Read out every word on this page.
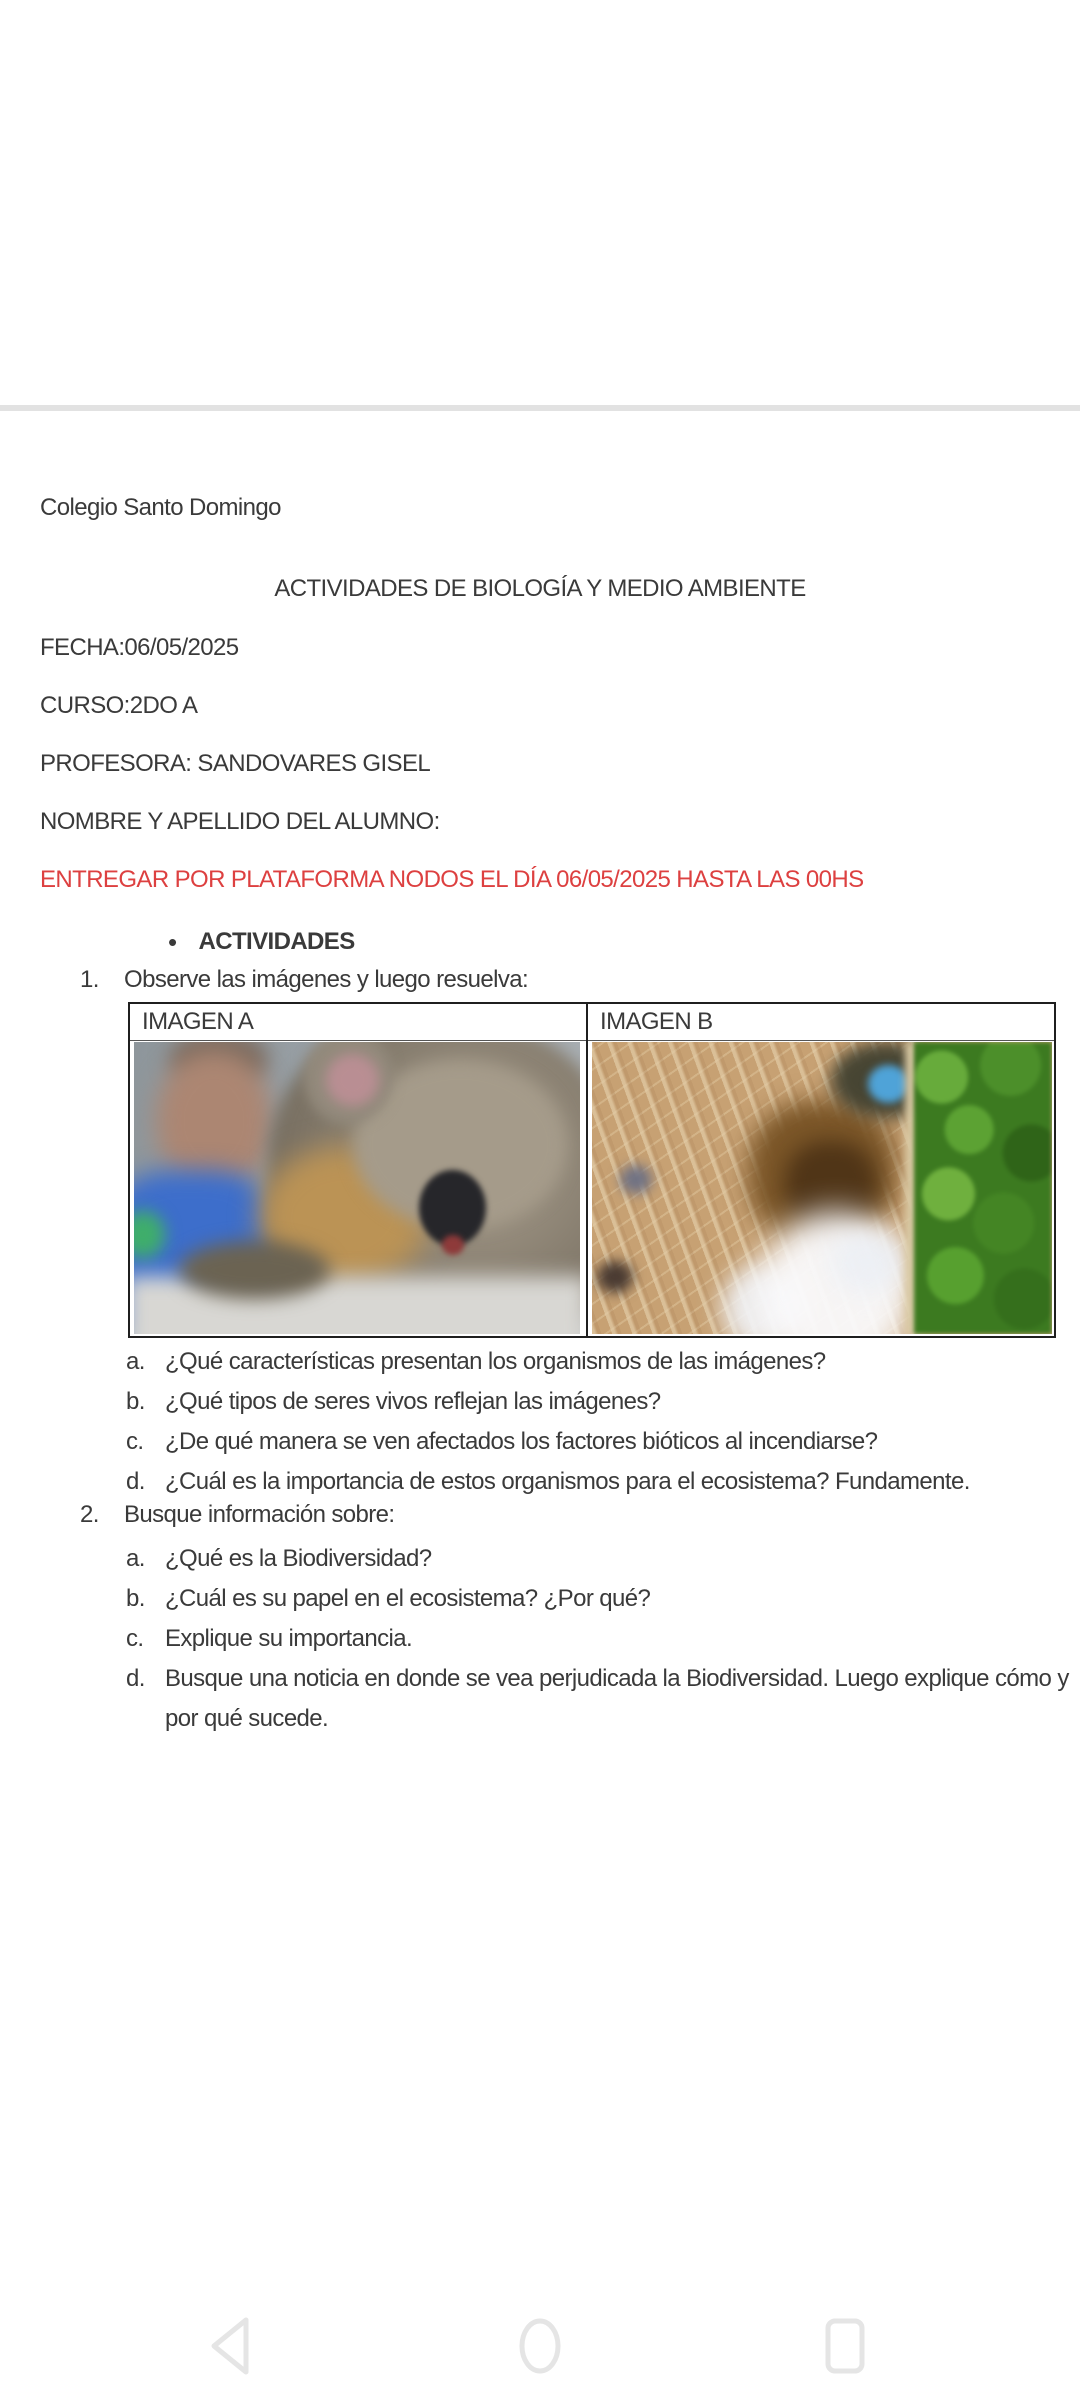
Colegio Santo Domingo
ACTIVIDADES DE BIOLOGÍA Y MEDIO AMBIENTE
FECHA:06/05/2025
CURSO:2DO A
PROFESORA: SANDOVARES GISEL
NOMBRE Y APELLIDO DEL ALUMNO:
ENTREGAR POR PLATAFORMA NODOS EL DÍA 06/05/2025 HASTA LAS 00HS
• ACTIVIDADES
1.	Observe las imágenes y luego resuelva:
IMAGEN A	IMAGEN B
a. ¿Qué características presentan los organismos de las imágenes?
b. ¿Qué tipos de seres vivos reflejan las imágenes?
c. ¿De qué manera se ven afectados los factores bióticos al incendiarse?
d. ¿Cuál es la importancia de estos organismos para el ecosistema? Fundamente.
2.	Busque información sobre:
a. ¿Qué es la Biodiversidad?
b. ¿Cuál es su papel en el ecosistema? ¿Por qué?
c. Explique su importancia.
d. Busque una noticia en donde se vea perjudicada la Biodiversidad. Luego explique cómo y por qué sucede.
